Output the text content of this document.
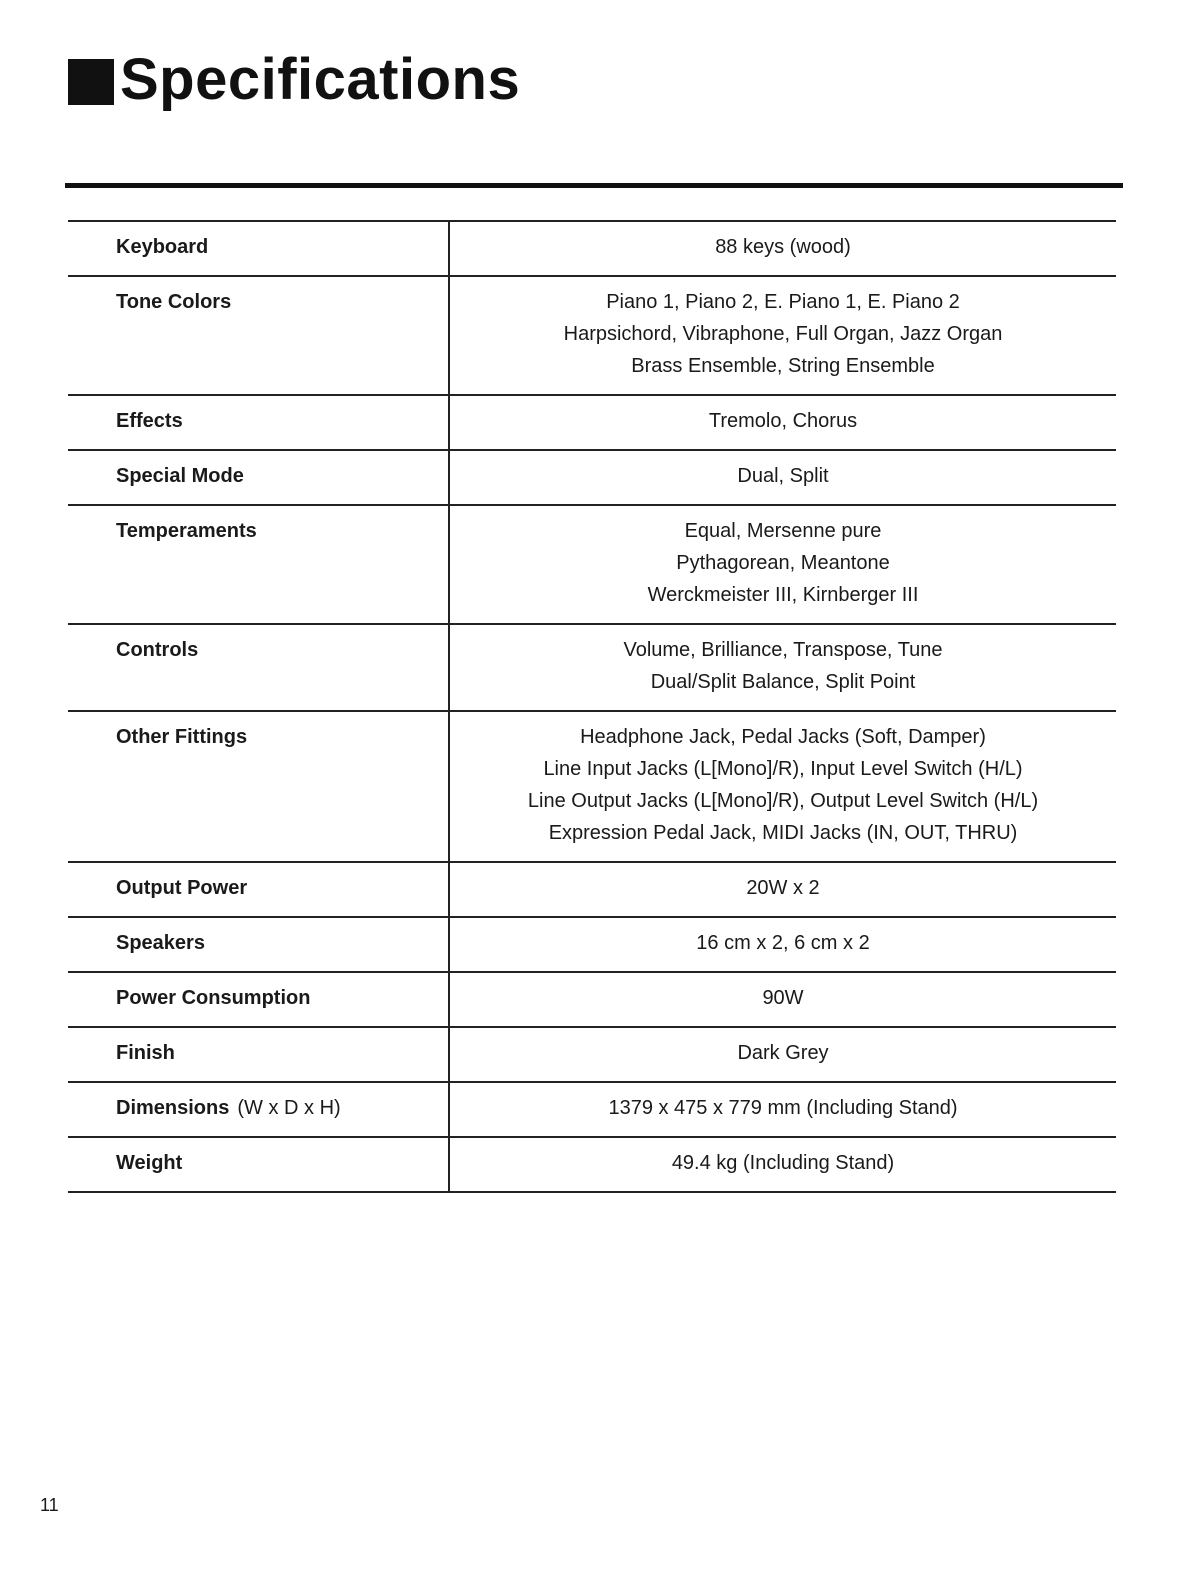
Specifications
Keyboard	88 keys (wood)

Tone Colors	Piano 1, Piano 2, E. Piano 1, E. Piano 2
Harpsichord, Vibraphone, Full Organ, Jazz Organ
Brass Ensemble, String Ensemble

Effects	Tremolo, Chorus

Special Mode	Dual, Split

Temperaments	Equal, Mersenne pure
Pythagorean, Meantone
Werckmeister III, Kirnberger III

Controls	Volume, Brilliance, Transpose, Tune
Dual/Split Balance, Split Point

Other Fittings	Headphone Jack, Pedal Jacks (Soft, Damper)
Line Input Jacks (L[Mono]/R), Input Level Switch (H/L)
Line Output Jacks (L[Mono]/R), Output Level Switch (H/L)
Expression Pedal Jack, MIDI Jacks (IN, OUT, THRU)

Output Power	20W x 2

Speakers	16 cm x 2, 6 cm x 2

Power Consumption	90W

Finish	Dark Grey

Dimensions (W x D x H)	1379 x 475 x 779 mm (Including Stand)

Weight	49.4 kg (Including Stand)
11
